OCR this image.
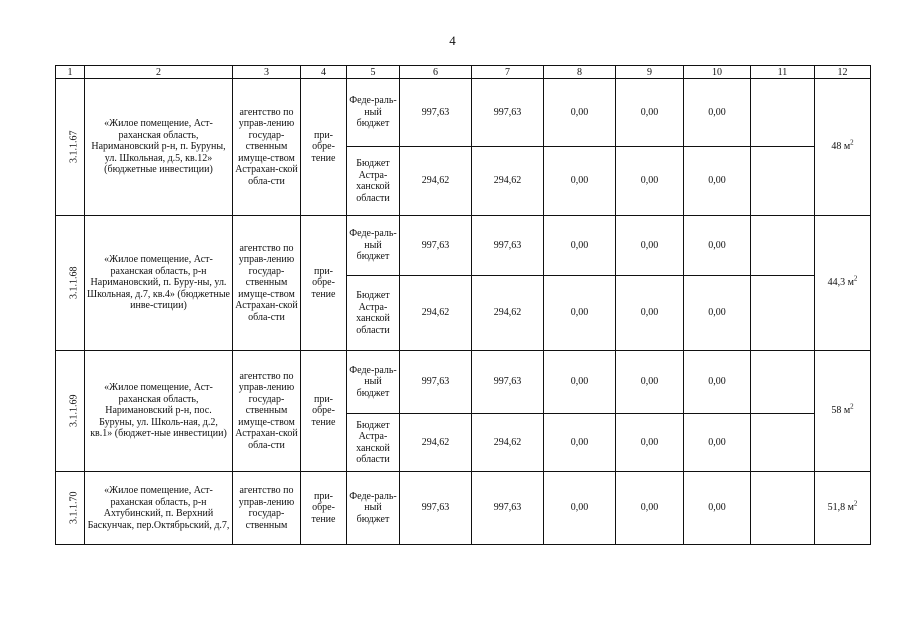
4
1	2	3	4	5	6	7	8	9	10	11	12
3.1.1.67	«Жилое помещение, Аст-раханская область, Наримановский р-н, п. Буруны, ул. Школьная, д.5, кв.12» (бюджетные инвестиции)	агентство по управ-лению государ-ственным имуще-ством Астрахан-ской обла-сти	при-обре-тение	Феде-раль-ный бюджет	997,63	997,63	0,00	0,00	0,00		48 $м^2$
				Бюджет Астра-ханской области	294,62	294,62	0,00	0,00	0,00		
3.1.1.68	«Жилое помещение, Аст-раханская область, р-н Наримановский, п. Буру-ны, ул. Школьная, д.7, кв.4» (бюджетные инве-стиции)	агентство по управ-лению государ-ственным имуще-ством Астрахан-ской обла-сти	при-обре-тение	Феде-раль-ный бюджет	997,63	997,63	0,00	0,00	0,00		44,3 $м^2$
				Бюджет Астра-ханской области	294,62	294,62	0,00	0,00	0,00		
3.1.1.69	«Жилое помещение, Аст-раханская область, Наримановский р-н, пос. Буруны, ул. Школь-ная, д.2, кв.1» (бюджет-ные инвестиции)	агентство по управ-лению государ-ственным имуще-ством Астрахан-ской обла-сти	при-обре-тение	Феде-раль-ный бюджет	997,63	997,63	0,00	0,00	0,00		58 $м^2$
				Бюджет Астра-ханской области	294,62	294,62	0,00	0,00	0,00		
3.1.1.70	«Жилое помещение, Аст-раханская область, р-н Ахтубинский, п. Верхний Баскунчак, пер.Октябрьский, д.7,	агентство по управ-лению государ-ственным	при-обре-тение	Феде-раль-ный бюджет	997,63	997,63	0,00	0,00	0,00		51,8 $м^2$
